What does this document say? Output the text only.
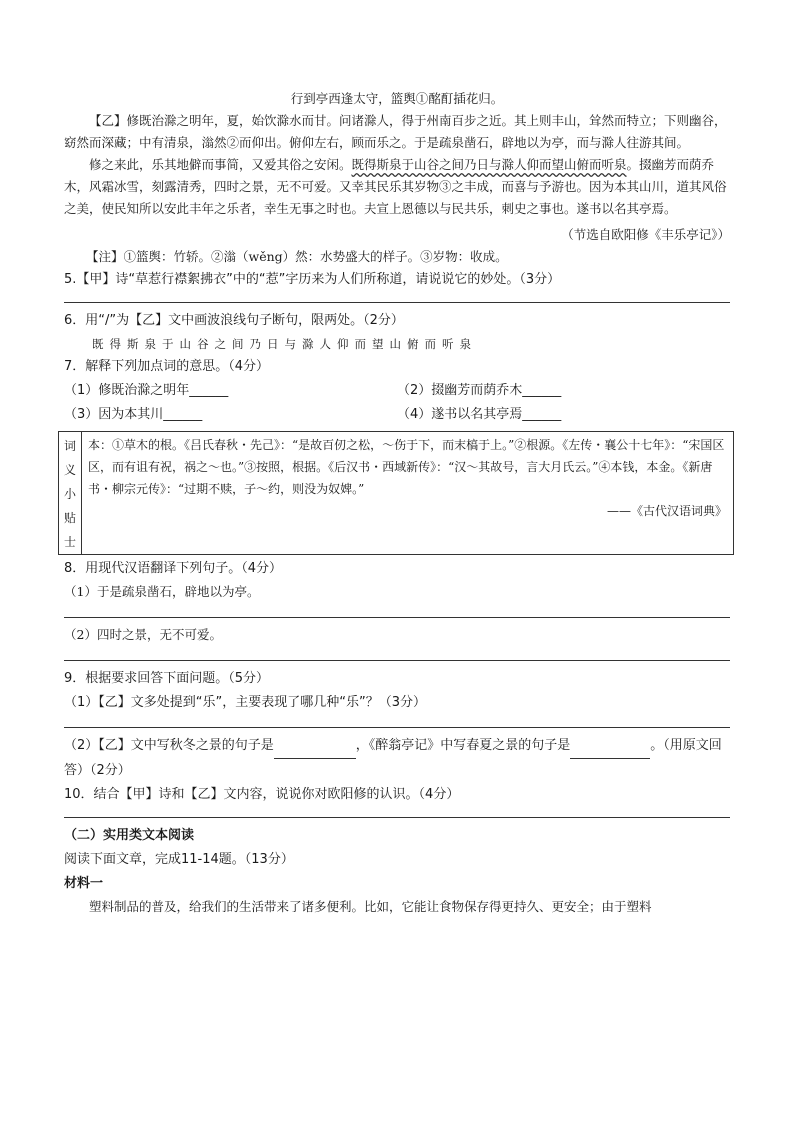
行到亭西逢太守，篮舆①酩酊插花归。

【乙】修既治滁之明年，夏，始饮滁水而甘。问诸滁人，得于州南百步之近。其上则丰山，耸然而特立；下则幽谷，窈然而深藏；中有清泉，滃然②而仰出。俯仰左右，顾而乐之。于是疏泉凿石，辟地以为亭，而与滁人往游其间。

修之来此，乐其地僻而事简，又爱其俗之安闲。既得斯泉于山谷之间乃日与滁人仰而望山俯而听泉。掇幽芳而荫乔木，风霜冰雪，刻露清秀，四时之景，无不可爱。又幸其民乐其岁物③之丰成，而喜与予游也。因为本其山川，道其风俗之美，使民知所以安此丰年之乐者，幸生无事之时也。夫宣上恩德以与民共乐，刺史之事也。遂书以名其亭焉。

（节选自欧阳修《丰乐亭记》）

【注】①篮舆：竹轿。②滃（wěng）然：水势盛大的样子。③岁物：收成。

5.【甲】诗“草惹行襟絮拂衣”中的“惹”字历来为人们所称道，请说说它的妙处。（3分）

6．用“/”为【乙】文中画波浪线句子断句，限两处。（2分）

既得斯泉于山谷之间乃日与滁人仰而望山俯而听泉

7．解释下列加点词的意思。（4分）

（1）修既治滁之明年______	（2）掇幽芳而荫乔木______
（3）因为本其川______	（4）遂书以名其亭焉______
词
义
小
贴
士

本：①草木的根。《吕氏春秋・先己》：“是故百仞之松，～伤于下，而末槁于上。”②根源。《左传・襄公十七年》：“宋国区区，而有诅有祝，祸之～也。”③按照，根据。《后汉书・西域新传》：“汉～其故号，言大月氏云。”④本钱，本金。《新唐书・柳宗元传》：“过期不赎，子～约，则没为奴婢。”

——《古代汉语词典》

8．用现代汉语翻译下列句子。（4分）

（1）于是疏泉凿石，辟地以为亭。

（2）四时之景，无不可爱。

9．根据要求回答下面问题。（5分）

（1）【乙】文多处提到“乐”，主要表现了哪几种“乐”？（3分）

（2）【乙】文中写秋冬之景的句子是	，《醉翁亭记》中写春夏之景的句子是	。（用原文回答）（2分）

10．结合【甲】诗和【乙】文内容，说说你对欧阳修的认识。（4分）

（二）实用类文本阅读

阅读下面文章，完成11-14题。（13分）

材料一

塑料制品的普及，给我们的生活带来了诸多便利。比如，它能让食物保存得更持久、更安全；由于塑料
